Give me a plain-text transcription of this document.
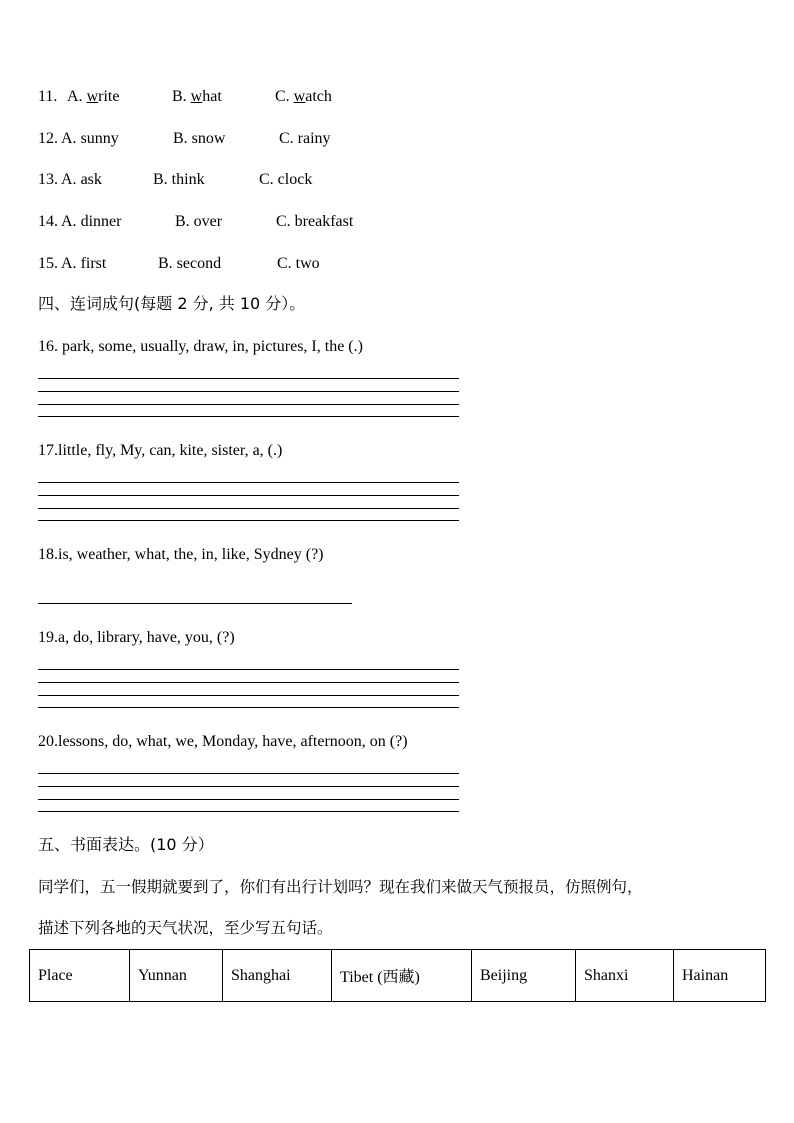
11. A. write	B. what	C. watch
12. A. sunny	B. snow	C. rainy
13. A. ask	B. think	C. clock
14. A. dinner	B. over	C. breakfast
15. A. first	B. second	C. two
四、连词成句(每题 2 分, 共 10 分）。
16. park, some, usually, draw, in, pictures, I, the (.)
17.little, fly, My, can, kite, sister, a, (.)
18.is, weather, what, the, in, like, Sydney (?)
19.a, do, library, have, you, (?)
20.lessons, do, what, we, Monday, have, afternoon, on (?)
五、书面表达。(10 分）
同学们，五一假期就要到了，你们有出行计划吗？现在我们来做天气预报员，仿照例句，
描述下列各地的天气状况，至少写五句话。
Place	Yunnan	Shanghai	Tibet (西藏)	Beijing	Shanxi	Hainan
